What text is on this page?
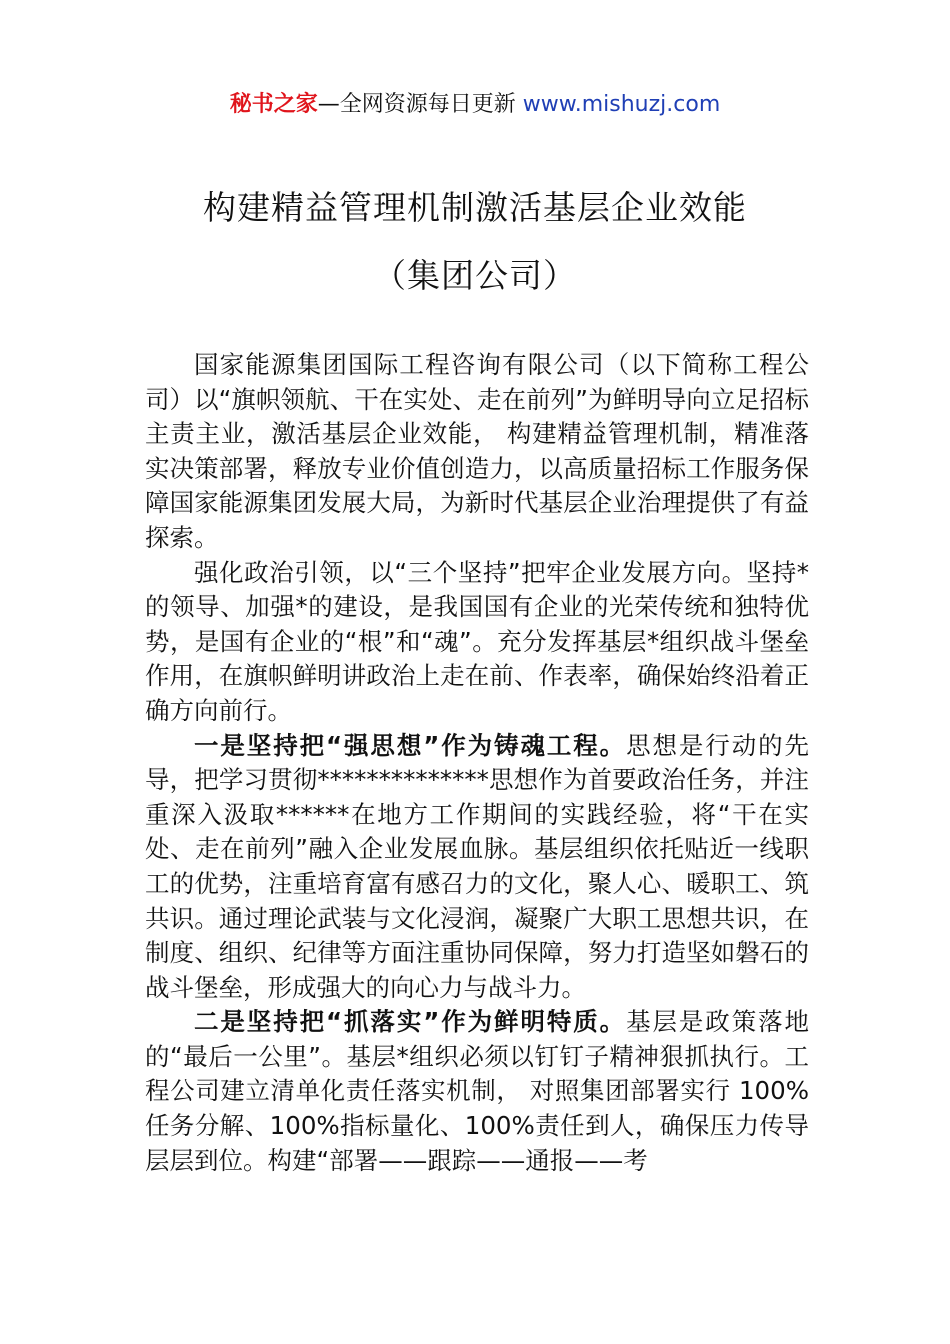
秘书之家—全网资源每日更新 www.mishuzj.com
构建精益管理机制激活基层企业效能
（集团公司）

国家能源集团国际工程咨询有限公司（以下简称工程公司）以“旗帜领航、干在实处、走在前列”为鲜明导向立足招标主责主业，激活基层企业效能， 构建精益管理机制，精准落实决策部署，释放专业价值创造力，以高质量招标工作服务保障国家能源集团发展大局，为新时代基层企业治理提供了有益探索。

强化政治引领，以“三个坚持”把牢企业发展方向。坚持*的领导、加强*的建设，是我国国有企业的光荣传统和独特优势，是国有企业的“根”和“魂”。充分发挥基层*组织战斗堡垒作用，在旗帜鲜明讲政治上走在前、作表率，确保始终沿着正确方向前行。

一是坚持把“强思想”作为铸魂工程。思想是行动的先导，把学习贯彻**************思想作为首要政治任务，并注重深入汲取******在地方工作期间的实践经验，将“干在实处、走在前列”融入企业发展血脉。基层组织依托贴近一线职工的优势，注重培育富有感召力的文化，聚人心、暖职工、筑共识。通过理论武装与文化浸润，凝聚广大职工思想共识，在制度、组织、纪律等方面注重协同保障，努力打造坚如磐石的战斗堡垒，形成强大的向心力与战斗力。

二是坚持把“抓落实”作为鲜明特质。基层是政策落地的“最后一公里”。基层*组织必须以钉钉子精神狠抓执行。工程公司建立清单化责任落实机制， 对照集团部署实行 100%任务分解、100%指标量化、100%责任到人，确保压力传导层层到位。构建“部署——跟踪——通报——考
